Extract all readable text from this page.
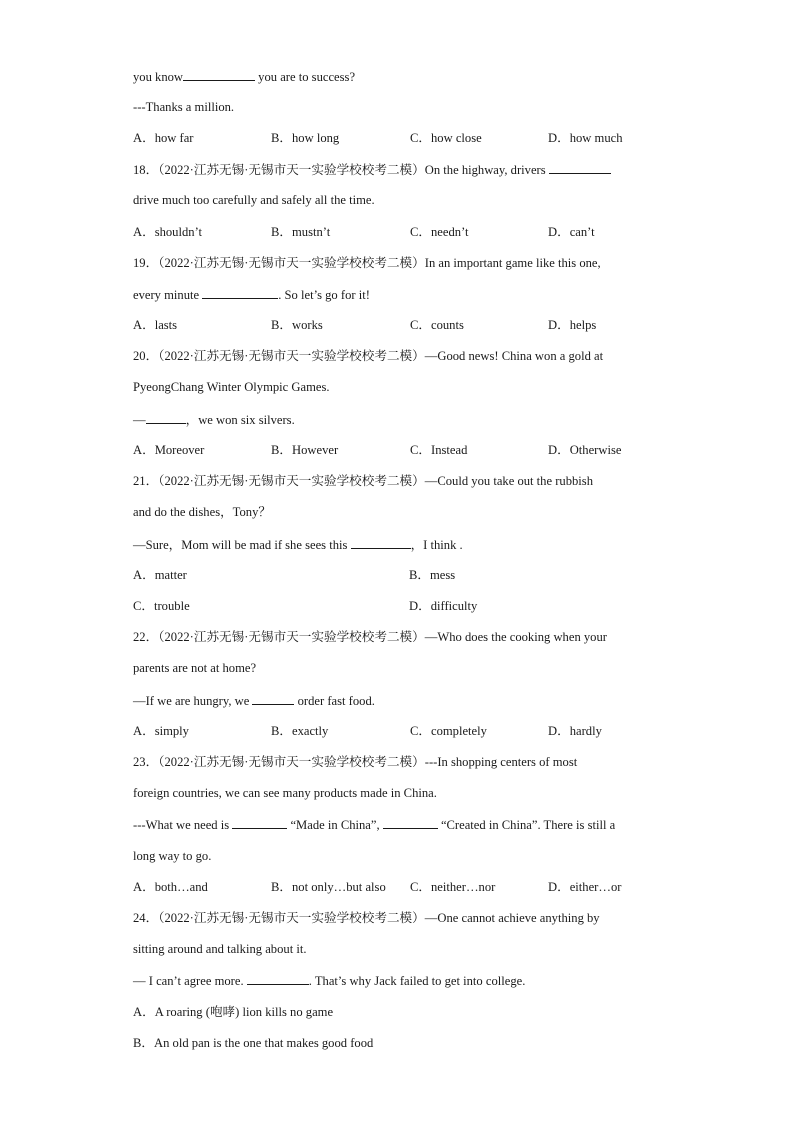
you know	you are to success?
---Thanks a million.
A．how far	B．how long	C．how close	D．how much
18．（2022·江苏无锡·无锡市天一实验学校校考二模）On the highway, drivers
drive much too carefully and safely all the time.
A．shouldn’t	B．mustn’t	C．needn’t	D．can’t
19．（2022·江苏无锡·无锡市天一实验学校校考二模）In an important game like this one,
every minute	. So let’s go for it!
A．lasts	B．works	C．counts	D．helps
20．（2022·江苏无锡·无锡市天一实验学校校考二模）—Good news! China won a gold at
PyeongChang Winter Olympic Games.
—	，we won six silvers.
A．Moreover	B．However	C．Instead	D．Otherwise
21．（2022·江苏无锡·无锡市天一实验学校校考二模）—Could you take out the rubbish
and do the dishes，Tony？
—Sure，Mom will be mad if she sees this	，I think .
A．matter	B．mess
C．trouble	D．difficulty
22．（2022·江苏无锡·无锡市天一实验学校校考二模）—Who does the cooking when your
parents are not at home?
—If we are hungry, we	order fast food.
A．simply	B．exactly	C．completely	D．hardly
23．（2022·江苏无锡·无锡市天一实验学校校考二模）---In shopping centers of most
foreign countries, we can see many products made in China.
---What we need is	“Made in China”,	“Created in China”. There is still a
long way to go.
A．both…and	B．not only…but also C．neither…nor	D．either…or
24．（2022·江苏无锡·无锡市天一实验学校校考二模）—One cannot achieve anything by
sitting around and talking about it.
— I can’t agree more.	. That’s why Jack failed to get into college.
A．A roaring (咆哮) lion kills no game
B．An old pan is the one that makes good food
